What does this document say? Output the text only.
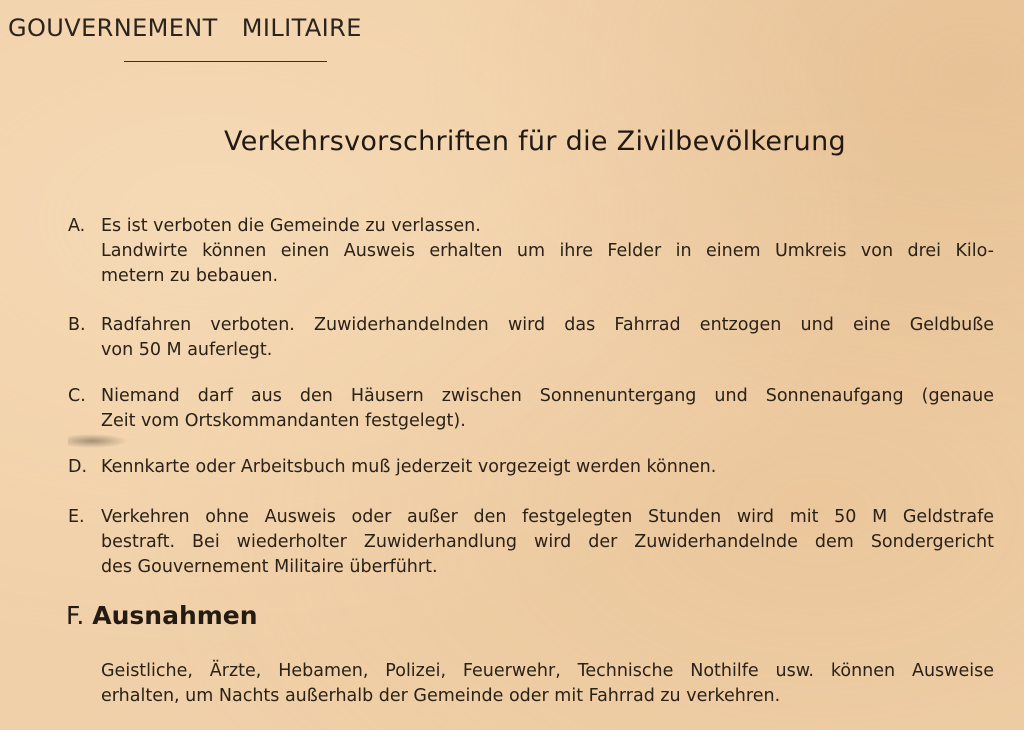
GOUVERNEMENT   MILITAIRE
Verkehrsvorschriften für die Zivilbevölkerung
A. Es ist verboten die Gemeinde zu verlassen.
Landwirte können einen Ausweis erhalten um ihre Felder in einem Umkreis von drei Kilo-
metern zu bebauen.
B. Radfahren verboten. Zuwiderhandelnden wird das Fahrrad entzogen und eine Geldbuße
von 50 M auferlegt.
C. Niemand darf aus den Häusern zwischen Sonnenuntergang und Sonnenaufgang (genaue
Zeit vom Ortskommandanten festgelegt).
D. Kennkarte oder Arbeitsbuch muß jederzeit vorgezeigt werden können.
E. Verkehren ohne Ausweis oder außer den festgelegten Stunden wird mit 50 M Geldstrafe
bestraft. Bei wiederholter Zuwiderhandlung wird der Zuwiderhandelnde dem Sondergericht
des Gouvernement Militaire überführt.
F. Ausnahmen
Geistliche, Ärzte, Hebamen, Polizei, Feuerwehr, Technische Nothilfe usw. können Ausweise
erhalten, um Nachts außerhalb der Gemeinde oder mit Fahrrad zu verkehren.
